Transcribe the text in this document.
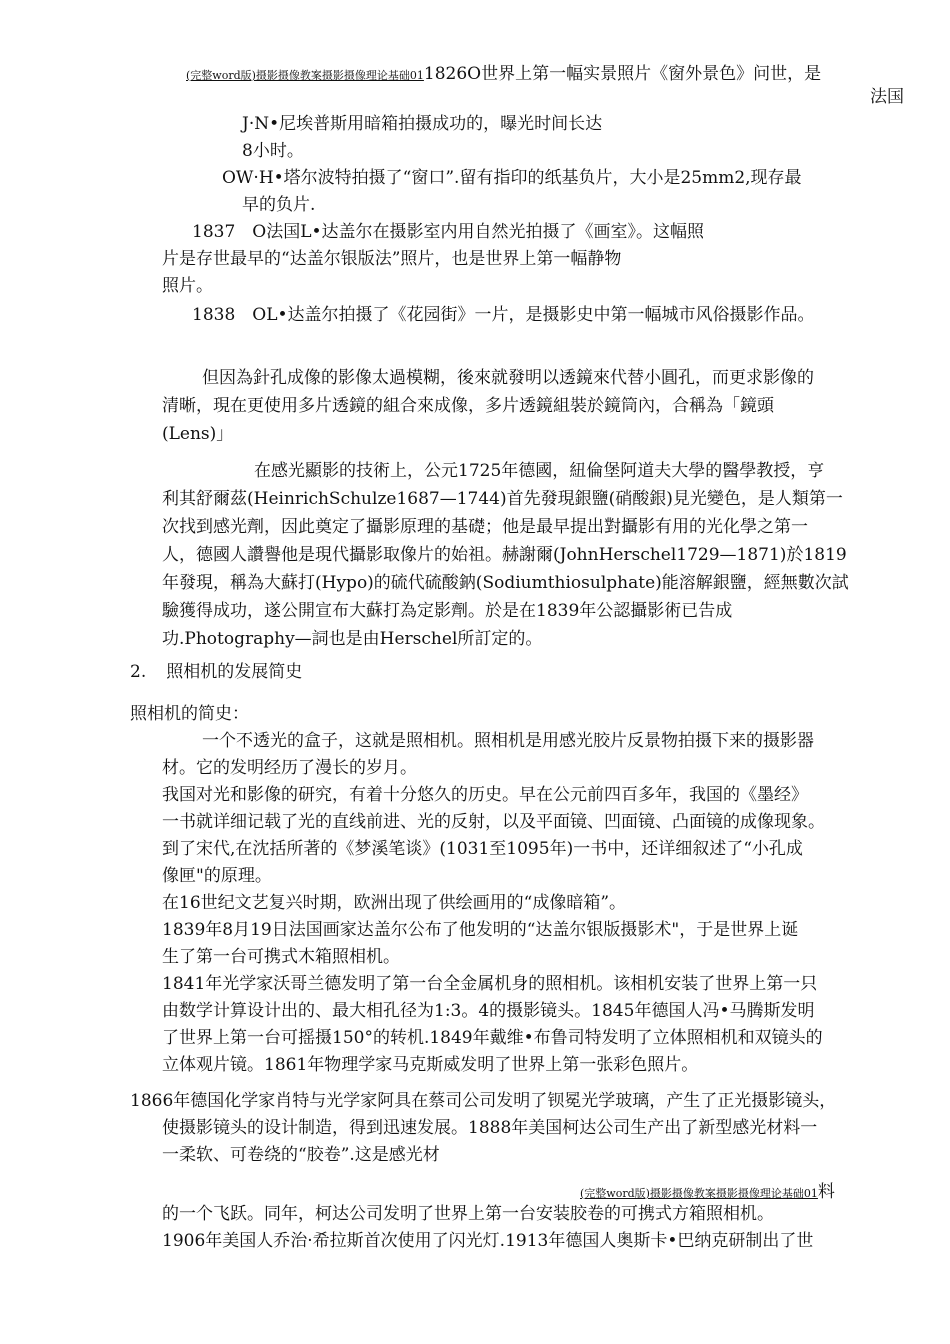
(完整word版)摄影摄像教案摄影摄像理论基础011826O世界上第一幅实景照片《窗外景色》问世，是
法国
J·N•尼埃普斯用暗箱拍摄成功的，曝光时间长达
8小时。
OW·H•塔尔波特拍摄了“窗口”.留有指印的纸基负片，大小是25mm2,现存最
早的负片.
1837　O法国L•达盖尔在摄影室内用自然光拍摄了《画室》。这幅照
片是存世最早的“达盖尔银版法”照片，也是世界上第一幅静物
照片。
1838　OL•达盖尔拍摄了《花园街》一片，是摄影史中第一幅城市风俗摄影作品。
但因為針孔成像的影像太過模糊，後來就發明以透鏡來代替小圓孔，而更求影像的
清晰，現在更使用多片透鏡的組合來成像，多片透鏡組裝於鏡筒內，合稱為「鏡頭
(Lens)」
在感光顯影的技術上，公元1725年德國，紐倫堡阿道夫大學的醫學教授，亨
利其舒爾茲(HeinrichSchulze1687—1744)首先發現銀鹽(硝酸銀)見光變色，是人類第一
次找到感光劑，因此奠定了攝影原理的基礎；他是最早提出對攝影有用的光化學之第一
人，德國人讚譽他是現代攝影取像片的始祖。赫謝爾(JohnHerschel1729—1871)於1819
年發現，稱為大蘇打(Hypo)的硫代硫酸鈉(Sodiumthiosulphate)能溶解銀鹽，經無數次試
驗獲得成功，遂公開宣布大蘇打為定影劑。於是在1839年公認攝影術已告成
功.Photography—詞也是由Herschel所訂定的。
2. 照相机的发展简史
照相机的简史：
一个不透光的盒子，这就是照相机。照相机是用感光胶片反景物拍摄下来的摄影器
材。它的发明经历了漫长的岁月。
我国对光和影像的研究，有着十分悠久的历史。早在公元前四百多年，我国的《墨经》
一书就详细记载了光的直线前进、光的反射，以及平面镜、凹面镜、凸面镜的成像现象。
到了宋代,在沈括所著的《梦溪笔谈》(1031至1095年)一书中，还详细叙述了“小孔成
像匣"的原理。
在16世纪文艺复兴时期，欧洲出现了供绘画用的“成像暗箱”。
1839年8月19日法国画家达盖尔公布了他发明的“达盖尔银版摄影术"，于是世界上诞
生了第一台可携式木箱照相机。
1841年光学家沃哥兰德发明了第一台全金属机身的照相机。该相机安装了世界上第一只
由数学计算设计出的、最大相孔径为1:3。4的摄影镜头。1845年德国人冯•马腾斯发明
了世界上第一台可摇摄150°的转机.1849年戴维•布鲁司特发明了立体照相机和双镜头的
立体观片镜。1861年物理学家马克斯威发明了世界上第一张彩色照片。
1866年德国化学家肖特与光学家阿具在蔡司公司发明了钡冕光学玻璃，产生了正光摄影镜头，
使摄影镜头的设计制造，得到迅速发展。1888年美国柯达公司生产出了新型感光材料一
一柔软、可卷绕的“胶卷”.这是感光材
(完整word版)摄影摄像教案摄影摄像理论基础01料
的一个飞跃。同年，柯达公司发明了世界上第一台安装胶卷的可携式方箱照相机。
1906年美国人乔治·希拉斯首次使用了闪光灯.1913年德国人奥斯卡•巴纳克研制出了世
